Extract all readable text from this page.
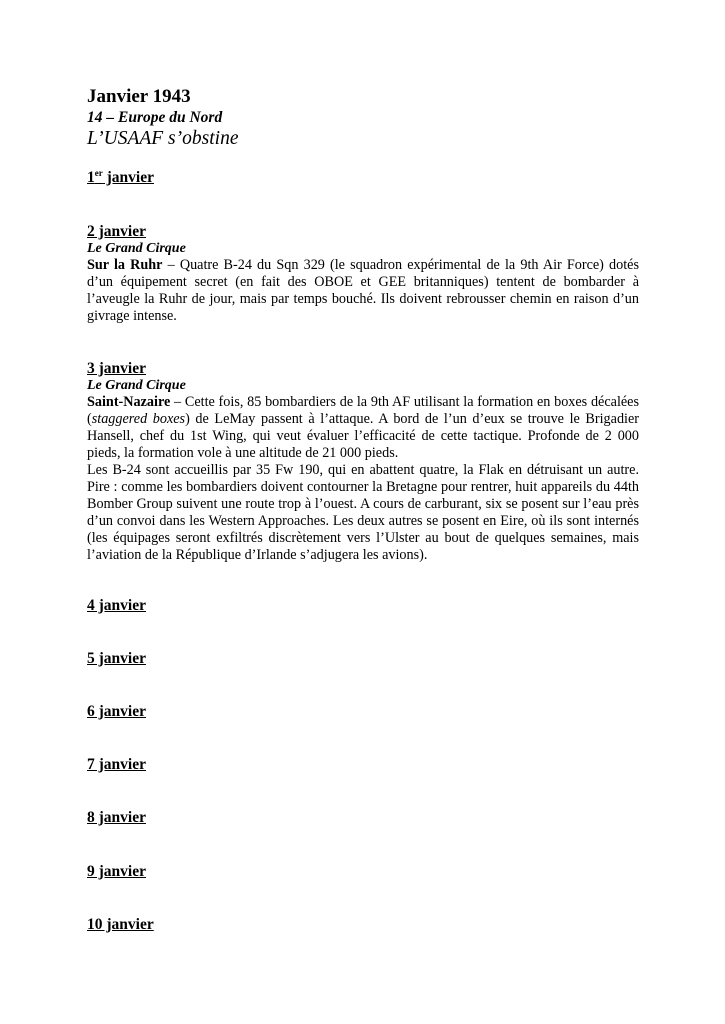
Janvier 1943
14 – Europe du Nord
L’USAAF s’obstine
1er janvier
2 janvier
Le Grand Cirque

Sur la Ruhr – Quatre B-24 du Sqn 329 (le squadron expérimental de la 9th Air Force) dotés d’un équipement secret (en fait des OBOE et GEE britanniques) tentent de bombarder à l’aveugle la Ruhr de jour, mais par temps bouché. Ils doivent rebrousser chemin en raison d’un givrage intense.

3 janvier
Le Grand Cirque

Saint-Nazaire – Cette fois, 85 bombardiers de la 9th AF utilisant la formation en boxes décalées (staggered boxes) de LeMay passent à l’attaque. A bord de l’un d’eux se trouve le Brigadier Hansell, chef du 1st Wing, qui veut évaluer l’efficacité de cette tactique. Profonde de 2 000 pieds, la formation vole à une altitude de 21 000 pieds.

Les B-24 sont accueillis par 35 Fw 190, qui en abattent quatre, la Flak en détruisant un autre. Pire : comme les bombardiers doivent contourner la Bretagne pour rentrer, huit appareils du 44th Bomber Group suivent une route trop à l’ouest. A cours de carburant, six se posent sur l’eau près d’un convoi dans les Western Approaches. Les deux autres se posent en Eire, où ils sont internés (les équipages seront exfiltrés discrètement vers l’Ulster au bout de quelques semaines, mais l’aviation de la République d’Irlande s’adjugera les avions).

4 janvier
5 janvier
6 janvier
7 janvier
8 janvier
9 janvier
10 janvier
